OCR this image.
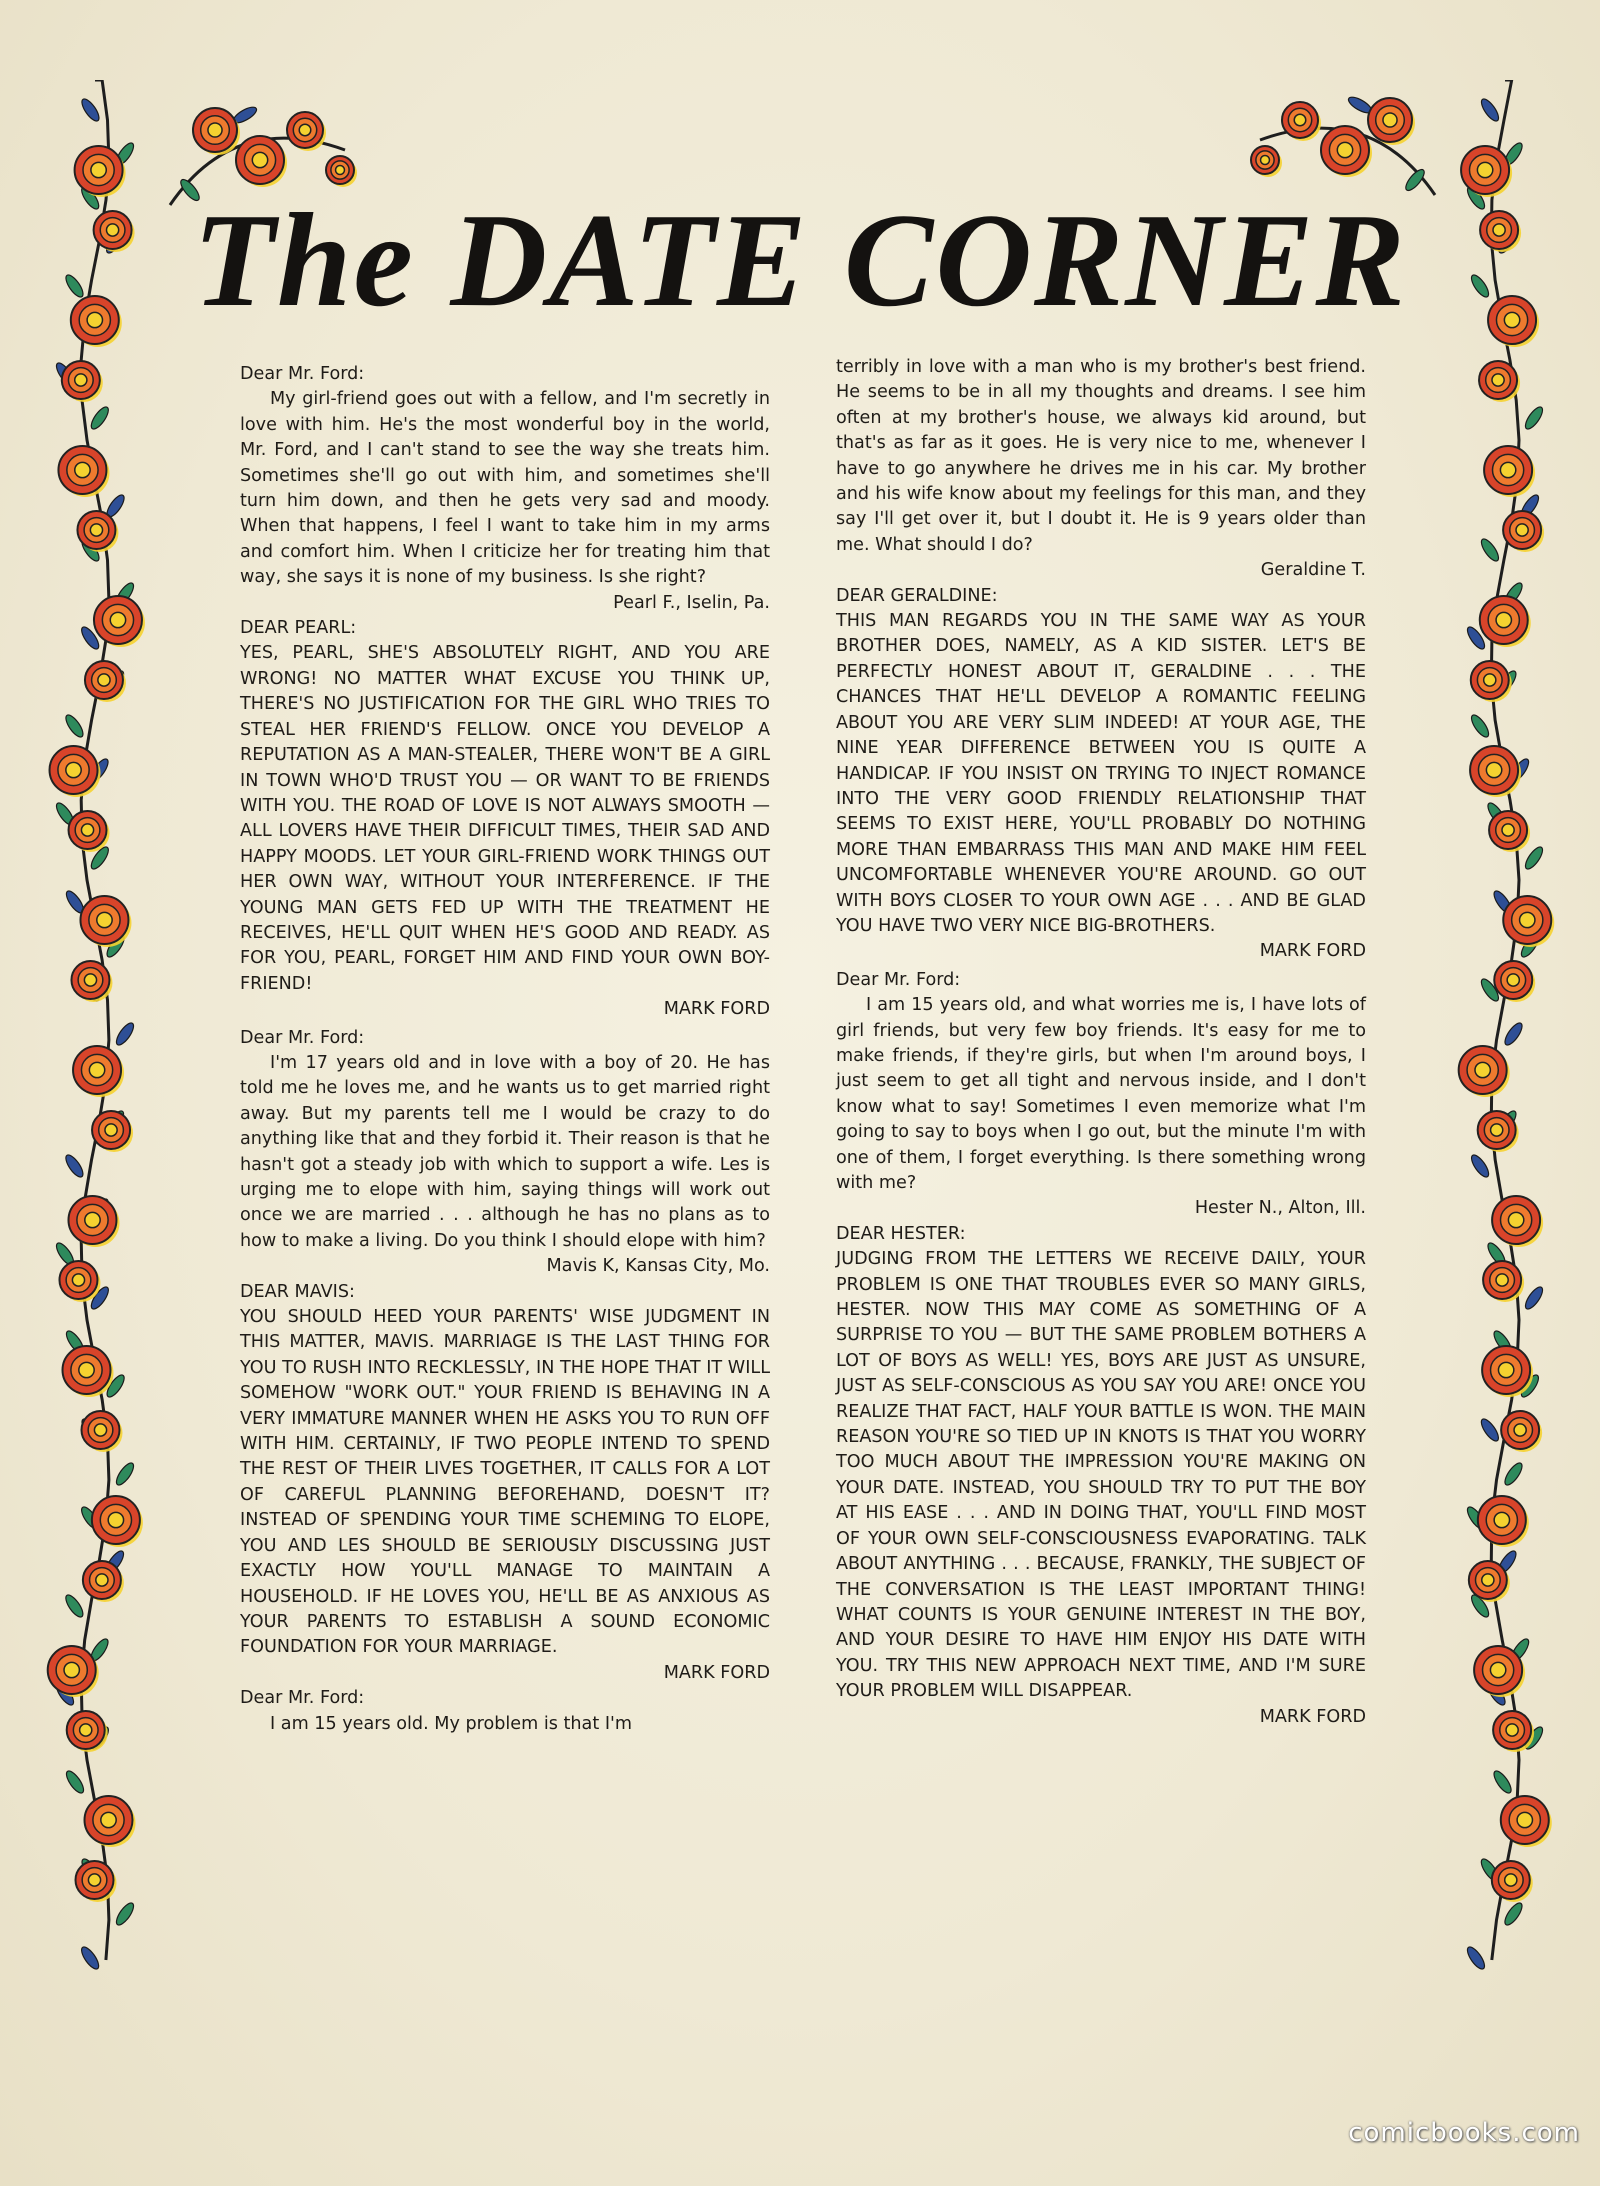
The DATE CORNER

Dear Mr. Ford:

My girl-friend goes out with a fellow, and I'm secretly in love with him. He's the most wonderful boy in the world, Mr. Ford, and I can't stand to see the way she treats him. Sometimes she'll go out with him, and sometimes she'll turn him down, and then he gets very sad and moody. When that happens, I feel I want to take him in my arms and comfort him. When I criticize her for treating him that way, she says it is none of my business. Is she right?
Pearl F., Iselin, Pa.

DEAR PEARL:

YES, PEARL, SHE'S ABSOLUTELY RIGHT, AND YOU ARE WRONG! NO MATTER WHAT EXCUSE YOU THINK UP, THERE'S NO JUSTIFICATION FOR THE GIRL WHO TRIES TO STEAL HER FRIEND'S FELLOW. ONCE YOU DEVELOP A REPUTATION AS A MAN-STEALER, THERE WON'T BE A GIRL IN TOWN WHO'D TRUST YOU — OR WANT TO BE FRIENDS WITH YOU. THE ROAD OF LOVE IS NOT ALWAYS SMOOTH — ALL LOVERS HAVE THEIR DIFFICULT TIMES, THEIR SAD AND HAPPY MOODS. LET YOUR GIRL-FRIEND WORK THINGS OUT HER OWN WAY, WITHOUT YOUR INTERFERENCE. IF THE YOUNG MAN GETS FED UP WITH THE TREATMENT HE RECEIVES, HE'LL QUIT WHEN HE'S GOOD AND READY. AS FOR YOU, PEARL, FORGET HIM AND FIND YOUR OWN BOY-FRIEND!

MARK FORD

Dear Mr. Ford:

I'm 17 years old and in love with a boy of 20. He has told me he loves me, and he wants us to get married right away. But my parents tell me I would be crazy to do anything like that and they forbid it. Their reason is that he hasn't got a steady job with which to support a wife. Les is urging me to elope with him, saying things will work out once we are married . . . although he has no plans as to how to make a living. Do you think I should elope with him?
Mavis K, Kansas City, Mo.

DEAR MAVIS:

YOU SHOULD HEED YOUR PARENTS' WISE JUDGMENT IN THIS MATTER, MAVIS. MARRIAGE IS THE LAST THING FOR YOU TO RUSH INTO RECKLESSLY, IN THE HOPE THAT IT WILL SOMEHOW "WORK OUT." YOUR FRIEND IS BEHAVING IN A VERY IMMATURE MANNER WHEN HE ASKS YOU TO RUN OFF WITH HIM. CERTAINLY, IF TWO PEOPLE INTEND TO SPEND THE REST OF THEIR LIVES TOGETHER, IT CALLS FOR A LOT OF CAREFUL PLANNING BEFOREHAND, DOESN'T IT? INSTEAD OF SPENDING YOUR TIME SCHEMING TO ELOPE, YOU AND LES SHOULD BE SERIOUSLY DISCUSSING JUST EXACTLY HOW YOU'LL MANAGE TO MAINTAIN A HOUSEHOLD. IF HE LOVES YOU, HE'LL BE AS ANXIOUS AS YOUR PARENTS TO ESTABLISH A SOUND ECONOMIC FOUNDATION FOR YOUR MARRIAGE.
MARK FORD

Dear Mr. Ford:

I am 15 years old. My problem is that I'm

terribly in love with a man who is my brother's best friend. He seems to be in all my thoughts and dreams. I see him often at my brother's house, we always kid around, but that's as far as it goes. He is very nice to me, whenever I have to go anywhere he drives me in his car. My brother and his wife know about my feelings for this man, and they say I'll get over it, but I doubt it. He is 9 years older than me. What should I do?
Geraldine T.

DEAR GERALDINE:

THIS MAN REGARDS YOU IN THE SAME WAY AS YOUR BROTHER DOES, NAMELY, AS A KID SISTER. LET'S BE PERFECTLY HONEST ABOUT IT, GERALDINE . . . THE CHANCES THAT HE'LL DEVELOP A ROMANTIC FEELING ABOUT YOU ARE VERY SLIM INDEED! AT YOUR AGE, THE NINE YEAR DIFFERENCE BETWEEN YOU IS QUITE A HANDICAP. IF YOU INSIST ON TRYING TO INJECT ROMANCE INTO THE VERY GOOD FRIENDLY RELATIONSHIP THAT SEEMS TO EXIST HERE, YOU'LL PROBABLY DO NOTHING MORE THAN EMBARRASS THIS MAN AND MAKE HIM FEEL UNCOMFORTABLE WHENEVER YOU'RE AROUND. GO OUT WITH BOYS CLOSER TO YOUR OWN AGE . . . AND BE GLAD YOU HAVE TWO VERY NICE BIG-BROTHERS.

MARK FORD

Dear Mr. Ford:

I am 15 years old, and what worries me is, I have lots of girl friends, but very few boy friends. It's easy for me to make friends, if they're girls, but when I'm around boys, I just seem to get all tight and nervous inside, and I don't know what to say! Sometimes I even memorize what I'm going to say to boys when I go out, but the minute I'm with one of them, I forget everything. Is there something wrong with me?
Hester N., Alton, Ill.

DEAR HESTER:

JUDGING FROM THE LETTERS WE RECEIVE DAILY, YOUR PROBLEM IS ONE THAT TROUBLES EVER SO MANY GIRLS, HESTER. NOW THIS MAY COME AS SOMETHING OF A SURPRISE TO YOU — BUT THE SAME PROBLEM BOTHERS A LOT OF BOYS AS WELL! YES, BOYS ARE JUST AS UNSURE, JUST AS SELF-CONSCIOUS AS YOU SAY YOU ARE! ONCE YOU REALIZE THAT FACT, HALF YOUR BATTLE IS WON. THE MAIN REASON YOU'RE SO TIED UP IN KNOTS IS THAT YOU WORRY TOO MUCH ABOUT THE IMPRESSION YOU'RE MAKING ON YOUR DATE. INSTEAD, YOU SHOULD TRY TO PUT THE BOY AT HIS EASE . . . AND IN DOING THAT, YOU'LL FIND MOST OF YOUR OWN SELF-CONSCIOUSNESS EVAPORATING. TALK ABOUT ANYTHING . . . BECAUSE, FRANKLY, THE SUBJECT OF THE CONVERSATION IS THE LEAST IMPORTANT THING! WHAT COUNTS IS YOUR GENUINE INTEREST IN THE BOY, AND YOUR DESIRE TO HAVE HIM ENJOY HIS DATE WITH YOU. TRY THIS NEW APPROACH NEXT TIME, AND I'M SURE YOUR PROBLEM WILL DISAPPEAR.
MARK FORD

comicbooks.com
